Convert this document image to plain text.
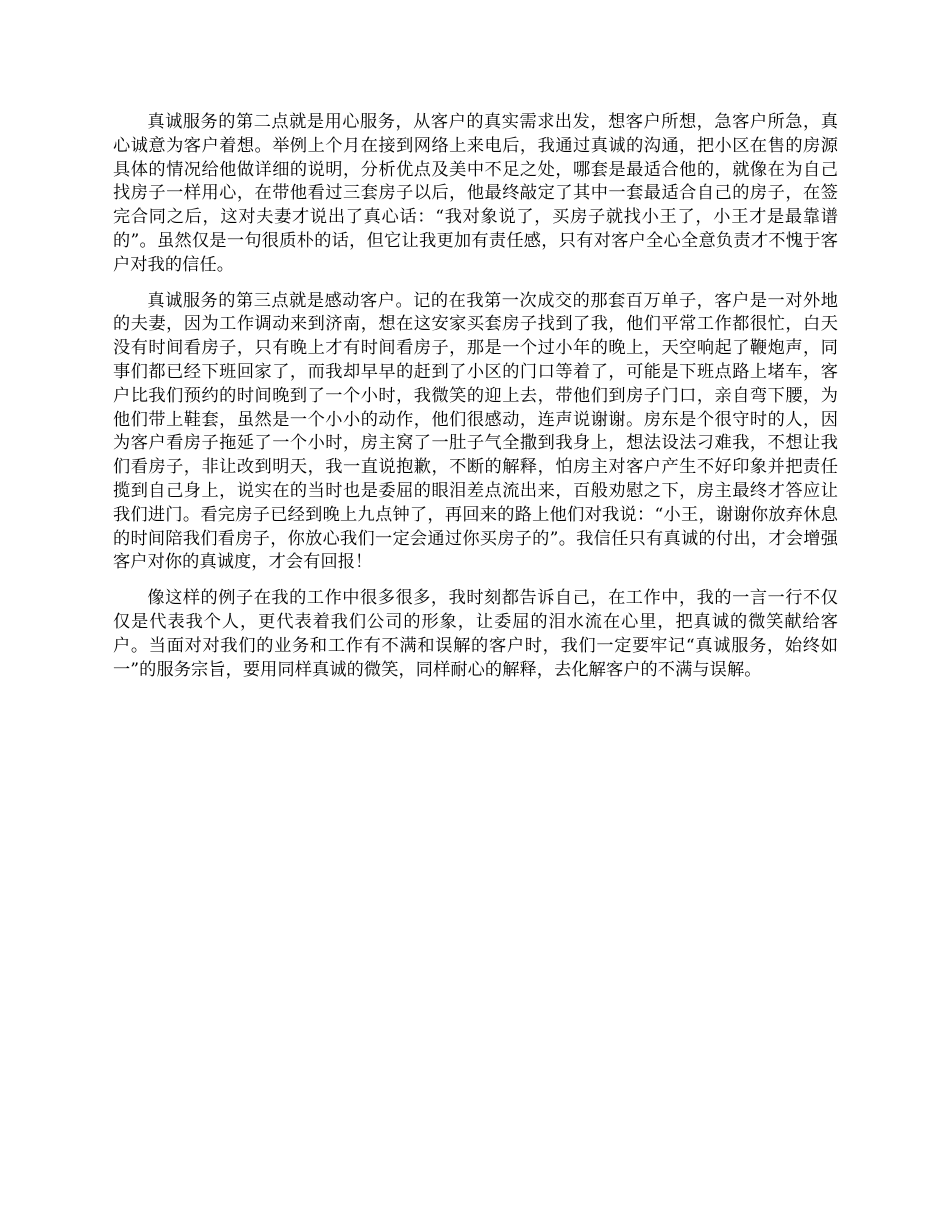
真诚服务的第二点就是用心服务，从客户的真实需求出发，想客户所想，急客户所急，真心诚意为客户着想。举例上个月在接到网络上来电后，我通过真诚的沟通，把小区在售的房源具体的情况给他做详细的说明，分析优点及美中不足之处，哪套是最适合他的，就像在为自己找房子一样用心，在带他看过三套房子以后，他最终敲定了其中一套最适合自己的房子，在签完合同之后，这对夫妻才说出了真心话：“我对象说了，买房子就找小王了，小王才是最靠谱的”。虽然仅是一句很质朴的话，但它让我更加有责任感，只有对客户全心全意负责才不愧于客户对我的信任。

真诚服务的第三点就是感动客户。记的在我第一次成交的那套百万单子，客户是一对外地的夫妻，因为工作调动来到济南，想在这安家买套房子找到了我，他们平常工作都很忙，白天没有时间看房子，只有晚上才有时间看房子，那是一个过小年的晚上，天空响起了鞭炮声，同事们都已经下班回家了，而我却早早的赶到了小区的门口等着了，可能是下班点路上堵车，客户比我们预约的时间晚到了一个小时，我微笑的迎上去，带他们到房子门口，亲自弯下腰，为他们带上鞋套，虽然是一个小小的动作，他们很感动，连声说谢谢。房东是个很守时的人，因为客户看房子拖延了一个小时，房主窝了一肚子气全撒到我身上，想法设法刁难我，不想让我们看房子，非让改到明天，我一直说抱歉，不断的解释，怕房主对客户产生不好印象并把责任揽到自己身上，说实在的当时也是委屈的眼泪差点流出来，百般劝慰之下，房主最终才答应让我们进门。看完房子已经到晚上九点钟了，再回来的路上他们对我说：“小王，谢谢你放弃休息的时间陪我们看房子，你放心我们一定会通过你买房子的”。我信任只有真诚的付出，才会增强客户对你的真诚度，才会有回报！

像这样的例子在我的工作中很多很多，我时刻都告诉自己，在工作中，我的一言一行不仅仅是代表我个人，更代表着我们公司的形象，让委屈的泪水流在心里，把真诚的微笑献给客户。当面对对我们的业务和工作有不满和误解的客户时，我们一定要牢记“真诚服务，始终如一”的服务宗旨，要用同样真诚的微笑，同样耐心的解释，去化解客户的不满与误解。
